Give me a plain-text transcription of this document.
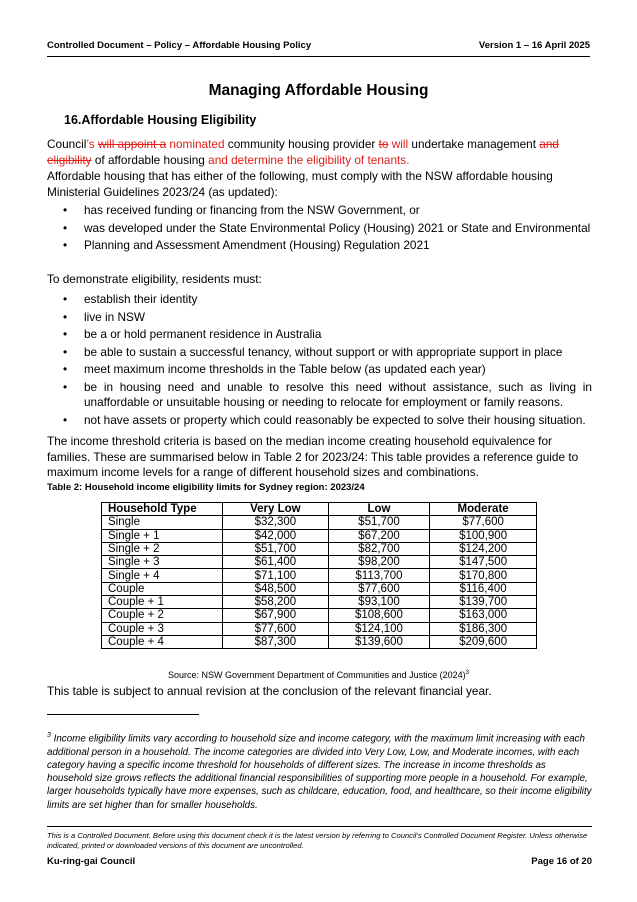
Controlled Document – Policy – Affordable Housing Policy	Version 1 – 16 April 2025
Managing Affordable Housing
16.Affordable Housing Eligibility
Council’s will appoint a nominated community housing provider to will undertake management and eligibility of affordable housing and determine the eligibility of tenants.
Affordable housing that has either of the following, must comply with the NSW affordable housing Ministerial Guidelines 2023/24 (as updated):
• has received funding or financing from the NSW Government, or
• was developed under the State Environmental Policy (Housing) 2021 or State and Environmental
• Planning and Assessment Amendment (Housing) Regulation 2021
To demonstrate eligibility, residents must:
• establish their identity
• live in NSW
• be a or hold permanent residence in Australia
• be able to sustain a successful tenancy, without support or with appropriate support in place
• meet maximum income thresholds in the Table below (as updated each year)
• be in housing need and unable to resolve this need without assistance, such as living in unaffordable or unsuitable housing or needing to relocate for employment or family reasons.
• not have assets or property which could reasonably be expected to solve their housing situation.
The income threshold criteria is based on the median income creating household equivalence for families. These are summarised below in Table 2 for 2023/24: This table provides a reference guide to maximum income levels for a range of different household sizes and combinations.
Table 2: Household income eligibility limits for Sydney region: 2023/24
Household Type	Very Low	Low	Moderate
Single	$32,300	$51,700	$77,600
Single + 1	$42,000	$67,200	$100,900
Single + 2	$51,700	$82,700	$124,200
Single + 3	$61,400	$98,200	$147,500
Single + 4	$71,100	$113,700	$170,800
Couple	$48,500	$77,600	$116,400
Couple + 1	$58,200	$93,100	$139,700
Couple + 2	$67,900	$108,600	$163,000
Couple + 3	$77,600	$124,100	$186,300
Couple + 4	$87,300	$139,600	$209,600
Source: NSW Government Department of Communities and Justice $(2024)^3$
This table is subject to annual revision at the conclusion of the relevant financial year.
$^3$ Income eligibility limits vary according to household size and income category, with the maximum limit increasing with each additional person in a household. The income categories are divided into Very Low, Low, and Moderate incomes, with each category having a specific income threshold for households of different sizes. The increase in income thresholds as household size grows reflects the additional financial responsibilities of supporting more people in a household. For example, larger households typically have more expenses, such as childcare, education, food, and healthcare, so their income eligibility limits are set higher than for smaller households.
This is a Controlled Document. Before using this document check it is the latest version by referring to Council’s Controlled Document Register. Unless otherwise indicated, printed or downloaded versions of this document are uncontrolled.
Ku-ring-gai Council	Page 16 of 20
